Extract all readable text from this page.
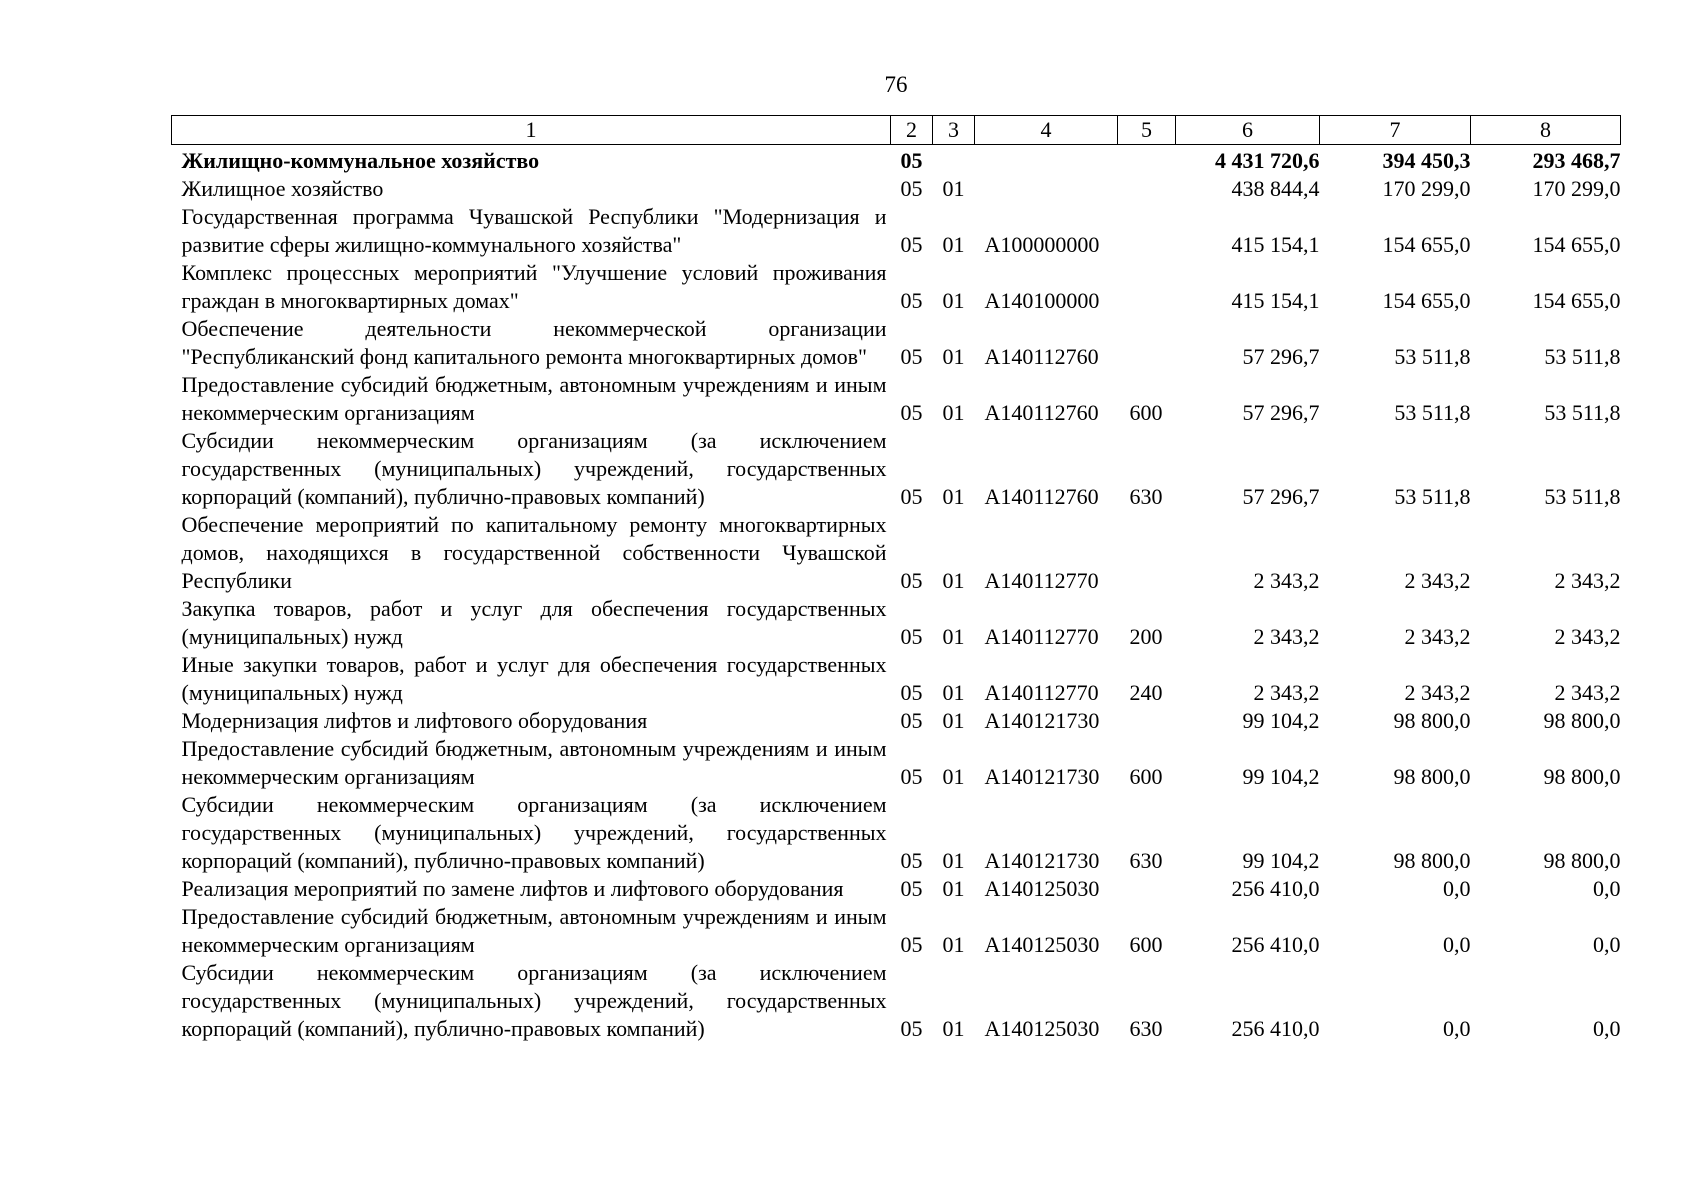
76
1	2	3	4	5	6	7	8
Жилищно-коммунальное хозяйство	05				4 431 720,6	394 450,3	293 468,7
Жилищное хозяйство	05	01			438 844,4	170 299,0	170 299,0
Государственная программа Чувашской Республики "Модернизация и развитие сферы жилищно-коммунального хозяйства"	05	01	А100000000		415 154,1	154 655,0	154 655,0
Комплекс процессных мероприятий "Улучшение условий проживания граждан в многоквартирных домах"	05	01	А140100000		415 154,1	154 655,0	154 655,0
Обеспечение деятельности некоммерческой организации "Республиканский фонд капитального ремонта многоквартирных домов"	05	01	А140112760		57 296,7	53 511,8	53 511,8
Предоставление субсидий бюджетным, автономным учреждениям и иным некоммерческим организациям	05	01	А140112760	600	57 296,7	53 511,8	53 511,8
Субсидии некоммерческим организациям (за исключением государственных (муниципальных) учреждений, государственных корпораций (компаний), публично-правовых компаний)	05	01	А140112760	630	57 296,7	53 511,8	53 511,8
Обеспечение мероприятий по капитальному ремонту многоквартирных домов, находящихся в государственной собственности Чувашской Республики	05	01	А140112770		2 343,2	2 343,2	2 343,2
Закупка товаров, работ и услуг для обеспечения государственных (муниципальных) нужд	05	01	А140112770	200	2 343,2	2 343,2	2 343,2
Иные закупки товаров, работ и услуг для обеспечения государственных (муниципальных) нужд	05	01	А140112770	240	2 343,2	2 343,2	2 343,2
Модернизация лифтов и лифтового оборудования	05	01	А140121730		99 104,2	98 800,0	98 800,0
Предоставление субсидий бюджетным, автономным учреждениям и иным некоммерческим организациям	05	01	А140121730	600	99 104,2	98 800,0	98 800,0
Субсидии некоммерческим организациям (за исключением государственных (муниципальных) учреждений, государственных корпораций (компаний), публично-правовых компаний)	05	01	А140121730	630	99 104,2	98 800,0	98 800,0
Реализация мероприятий по замене лифтов и лифтового оборудования	05	01	А140125030		256 410,0	0,0	0,0
Предоставление субсидий бюджетным, автономным учреждениям и иным некоммерческим организациям	05	01	А140125030	600	256 410,0	0,0	0,0
Субсидии некоммерческим организациям (за исключением государственных (муниципальных) учреждений, государственных корпораций (компаний), публично-правовых компаний)	05	01	А140125030	630	256 410,0	0,0	0,0
